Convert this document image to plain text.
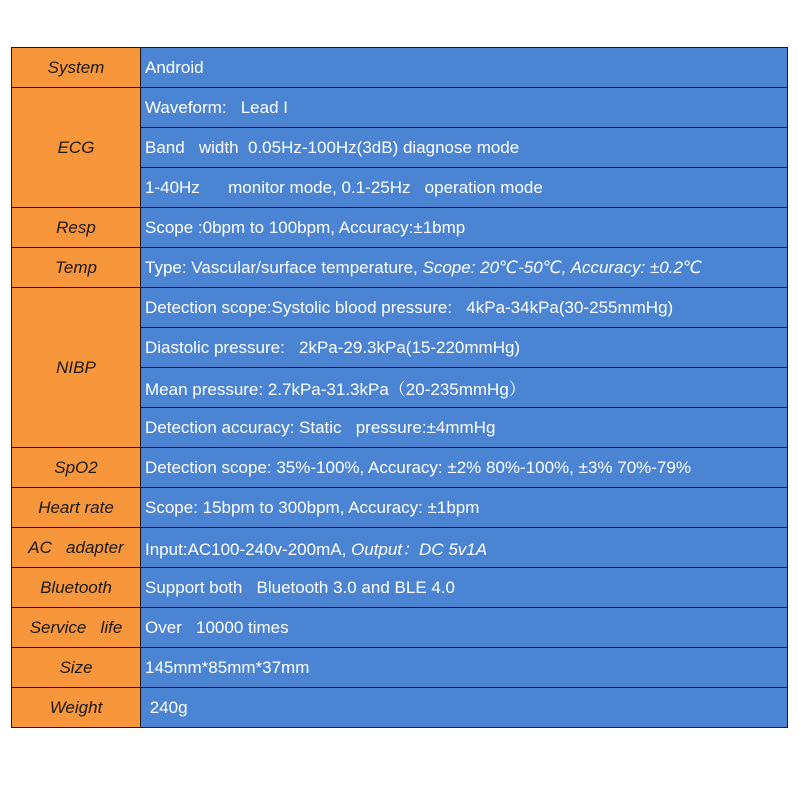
System	Android
ECG	Waveform:   Lead I
	Band   width  0.05Hz-100Hz(3dB) diagnose mode
	1-40Hz      monitor mode, 0.1-25Hz   operation mode
Resp	Scope :0bpm to 100bpm, Accuracy:±1bmp
Temp	Type: Vascular/surface temperature, Scope: 20℃-50℃, Accuracy: ±0.2℃
NIBP	Detection scope:Systolic blood pressure:   4kPa-34kPa(30-255mmHg)
	Diastolic pressure:   2kPa-29.3kPa(15-220mmHg)
	Mean pressure: 2.7kPa-31.3kPa（20-235mmHg）
	Detection accuracy: Static   pressure:±4mmHg
SpO2	Detection scope: 35%-100%, Accuracy: ±2% 80%-100%, ±3% 70%-79%
Heart rate	Scope: 15bpm to 300bpm, Accuracy: ±1bpm
AC   adapter	Input:AC100-240v-200mA, Output：DC 5v1A
Bluetooth	Support both   Bluetooth 3.0 and BLE 4.0
Service   life	Over   10000 times
Size	145mm*85mm*37mm
Weight	240g
